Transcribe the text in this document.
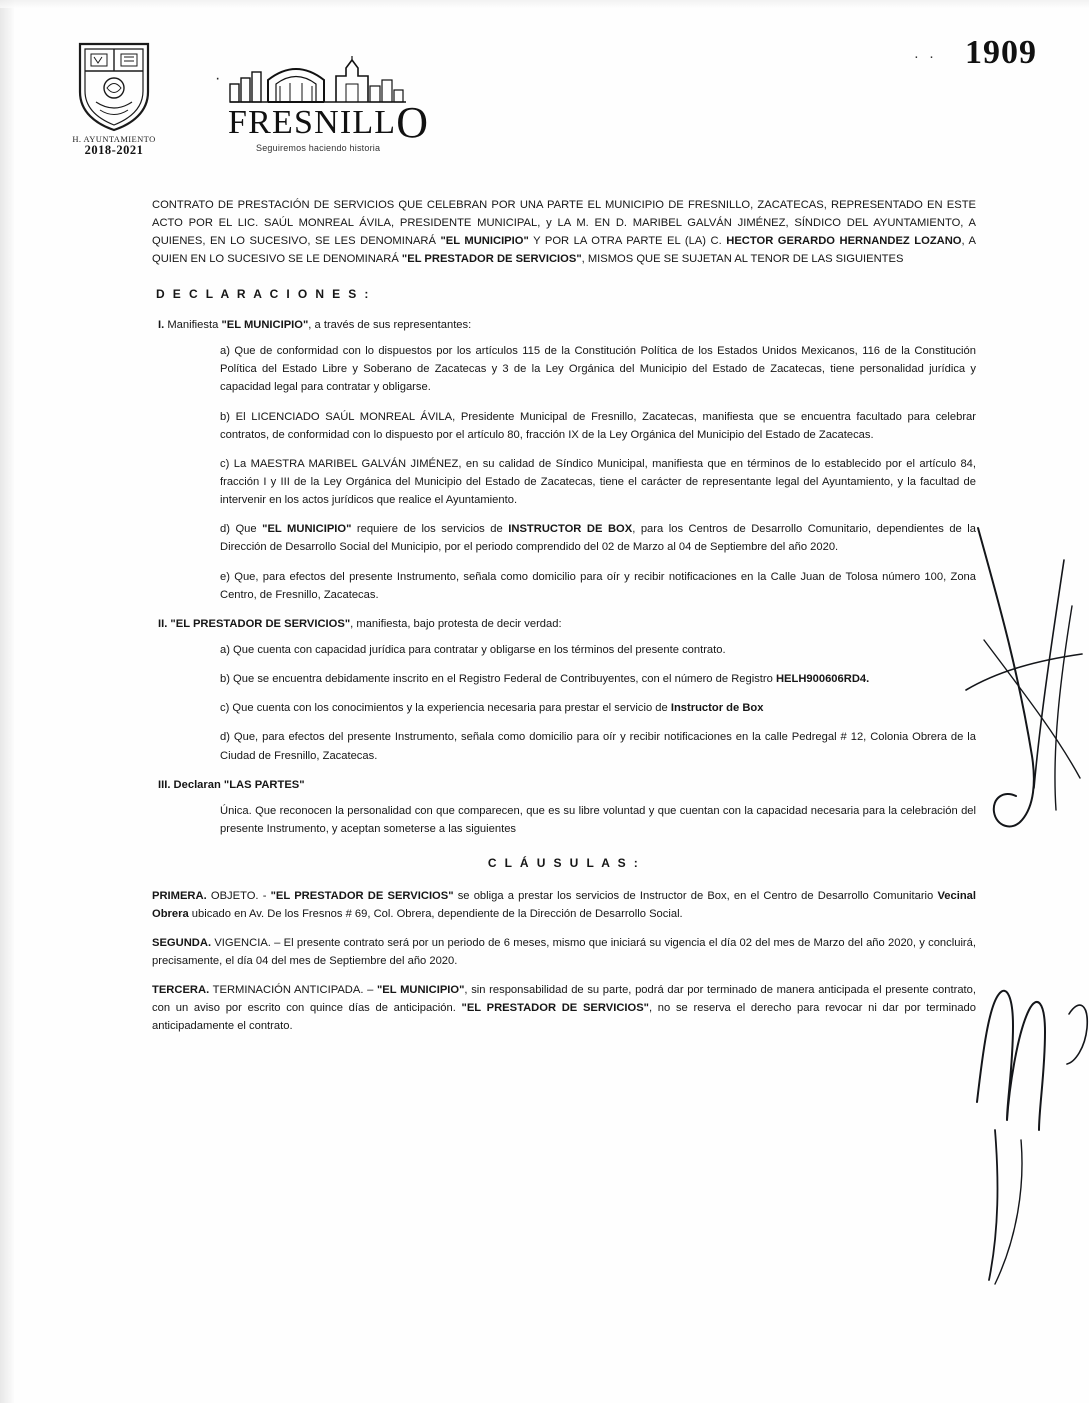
· · 1909
H. AYUNTAMIENTO
2018-2021
·
FRESNILLO
Seguiremos haciendo historia

CONTRATO DE PRESTACIÓN DE SERVICIOS QUE CELEBRAN POR UNA PARTE EL MUNICIPIO DE FRESNILLO, ZACATECAS, REPRESENTADO EN ESTE ACTO POR EL LIC. SAÚL MONREAL ÁVILA, PRESIDENTE MUNICIPAL, y LA M. EN D. MARIBEL GALVÁN JIMÉNEZ, SÍNDICO DEL AYUNTAMIENTO, A QUIENES, EN LO SUCESIVO, SE LES DENOMINARÁ "EL MUNICIPIO" Y POR LA OTRA PARTE EL (LA) C. HECTOR GERARDO HERNANDEZ LOZANO, A QUIEN EN LO SUCESIVO SE LE DENOMINARÁ "EL PRESTADOR DE SERVICIOS", MISMOS QUE SE SUJETAN AL TENOR DE LAS SIGUIENTES

D E C L A R A C I O N E S :

I. Manifiesta "EL MUNICIPIO", a través de sus representantes:

a) Que de conformidad con lo dispuestos por los artículos 115 de la Constitución Política de los Estados Unidos Mexicanos, 116 de la Constitución Política del Estado Libre y Soberano de Zacatecas y 3 de la Ley Orgánica del Municipio del Estado de Zacatecas, tiene personalidad jurídica y capacidad legal para contratar y obligarse.

b) El LICENCIADO SAÚL MONREAL ÁVILA, Presidente Municipal de Fresnillo, Zacatecas, manifiesta que se encuentra facultado para celebrar contratos, de conformidad con lo dispuesto por el artículo 80, fracción IX de la Ley Orgánica del Municipio del Estado de Zacatecas.

c) La MAESTRA MARIBEL GALVÁN JIMÉNEZ, en su calidad de Síndico Municipal, manifiesta que en términos de lo establecido por el artículo 84, fracción I y III de la Ley Orgánica del Municipio del Estado de Zacatecas, tiene el carácter de representante legal del Ayuntamiento, y la facultad de intervenir en los actos jurídicos que realice el Ayuntamiento.

d) Que "EL MUNICIPIO" requiere de los servicios de INSTRUCTOR DE BOX, para los Centros de Desarrollo Comunitario, dependientes de la Dirección de Desarrollo Social del Municipio, por el periodo comprendido del 02 de Marzo al 04 de Septiembre del año 2020.

e) Que, para efectos del presente Instrumento, señala como domicilio para oír y recibir notificaciones en la Calle Juan de Tolosa número 100, Zona Centro, de Fresnillo, Zacatecas.

II. "EL PRESTADOR DE SERVICIOS", manifiesta, bajo protesta de decir verdad:

a) Que cuenta con capacidad jurídica para contratar y obligarse en los términos del presente contrato.

b) Que se encuentra debidamente inscrito en el Registro Federal de Contribuyentes, con el número de Registro HELH900606RD4.

c) Que cuenta con los conocimientos y la experiencia necesaria para prestar el servicio de Instructor de Box

d) Que, para efectos del presente Instrumento, señala como domicilio para oír y recibir notificaciones en la calle Pedregal # 12, Colonia Obrera de la Ciudad de Fresnillo, Zacatecas.

III. Declaran "LAS PARTES"

Única. Que reconocen la personalidad con que comparecen, que es su libre voluntad y que cuentan con la capacidad necesaria para la celebración del presente Instrumento, y aceptan someterse a las siguientes

C L Á U S U L A S :

PRIMERA. OBJETO. - "EL PRESTADOR DE SERVICIOS" se obliga a prestar los servicios de Instructor de Box, en el Centro de Desarrollo Comunitario Vecinal Obrera ubicado en Av. De los Fresnos # 69, Col. Obrera, dependiente de la Dirección de Desarrollo Social.

SEGUNDA. VIGENCIA. – El presente contrato será por un periodo de 6 meses, mismo que iniciará su vigencia el día 02 del mes de Marzo del año 2020, y concluirá, precisamente, el día 04 del mes de Septiembre del año 2020.

TERCERA. TERMINACIÓN ANTICIPADA. – "EL MUNICIPIO", sin responsabilidad de su parte, podrá dar por terminado de manera anticipada el presente contrato, con un aviso por escrito con quince días de anticipación. "EL PRESTADOR DE SERVICIOS", no se reserva el derecho para revocar ni dar por terminado anticipadamente el contrato.
